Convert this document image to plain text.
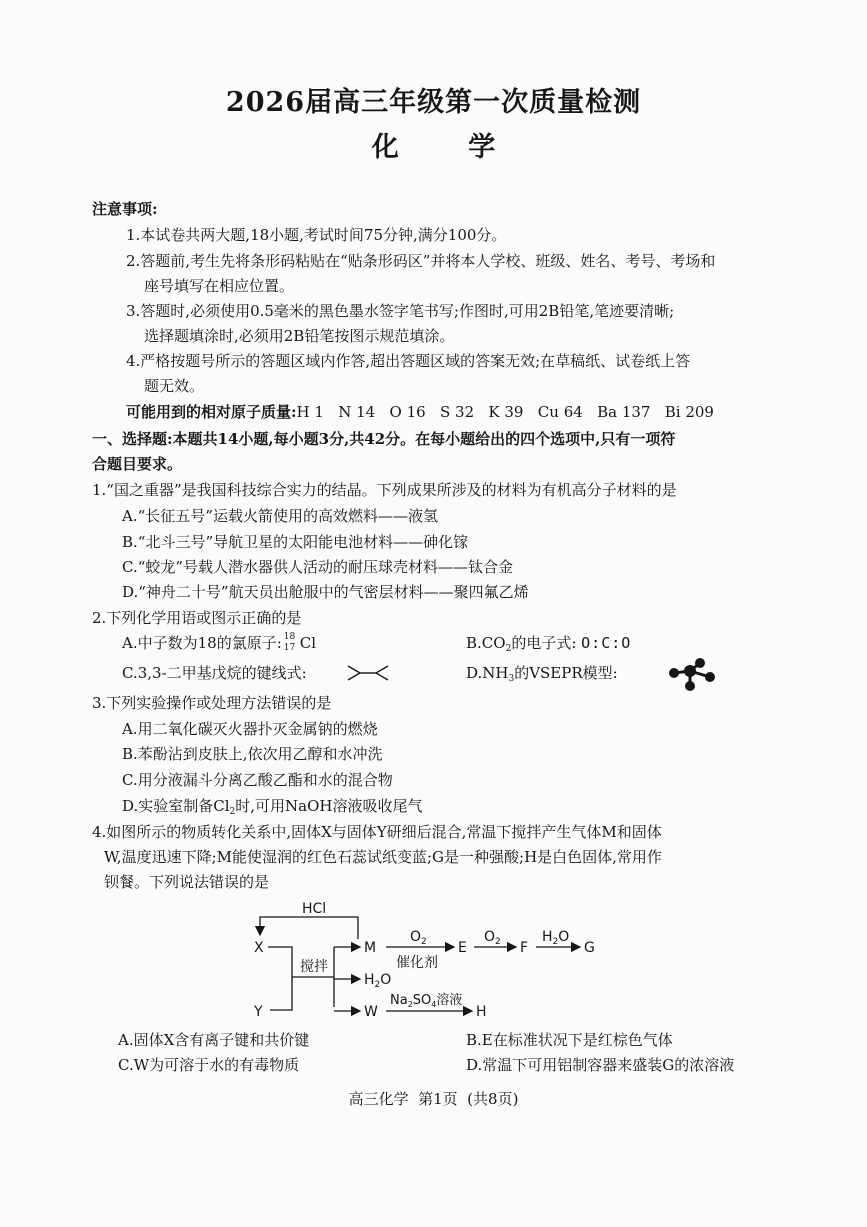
2026届高三年级第一次质量检测
化 学
注意事项:
1.本试卷共两大题,18小题,考试时间75分钟,满分100分。
2.答题前,考生先将条形码粘贴在“贴条形码区”并将本人学校、班级、姓名、考号、考场和
座号填写在相应位置。
3.答题时,必须使用0.5毫米的黑色墨水签字笔书写;作图时,可用2B铅笔,笔迹要清晰;
选择题填涂时,必须用2B铅笔按图示规范填涂。
4.严格按题号所示的答题区域内作答,超出答题区域的答案无效;在草稿纸、试卷纸上答
题无效。
可能用到的相对原子质量:H 1   N 14   O 16   S 32   K 39   Cu 64   Ba 137   Bi 209
一、选择题:本题共14小题,每小题3分,共42分。在每小题给出的四个选项中,只有一项符
合题目要求。
1.“国之重器”是我国科技综合实力的结晶。下列成果所涉及的材料为有机高分子材料的是
A.“长征五号”运载火箭使用的高效燃料——液氢
B.“北斗三号”导航卫星的太阳能电池材料——砷化镓
C.“蛟龙”号载人潜水器供人活动的耐压球壳材料——钛合金
D.“神舟二十号”航天员出舱服中的气密层材料——聚四氟乙烯
2.下列化学用语或图示正确的是
A.中子数为18的氯原子: 18
17 Cl	$B.CO_2$的电子式: O:C:O
C.3,3-二甲基戊烷的键线式:	$D.NH_3$的VSEPR模型:
3.下列实验操作或处理方法错误的是
A.用二氧化碳灭火器扑灭金属钠的燃烧
B.苯酚沾到皮肤上,依次用乙醇和水冲洗
C.用分液漏斗分离乙酸乙酯和水的混合物
D.实验室制备$Cl_2$时,可用NaOH溶液吸收尾气
4.如图所示的物质转化关系中,固体X与固体Y研细后混合,常温下搅拌产生气体M和固体
W,温度迅速下降;M能使湿润的红色石蕊试纸变蓝;G是一种强酸;H是白色固体,常用作
钡餐。下列说法错误的是
HCl
X
Y
搅拌
M
$O_2$
催化剂
E
$O_2$ F
$H_2O$
G
$H_2O$
W
$Na_2SO_4$溶液
H
A.固体X含有离子键和共价键	B.E在标准状况下是红棕色气体
C.W为可溶于水的有毒物质	D.常温下可用铝制容器来盛装G的浓溶液
高三化学  第1页  (共8页)
